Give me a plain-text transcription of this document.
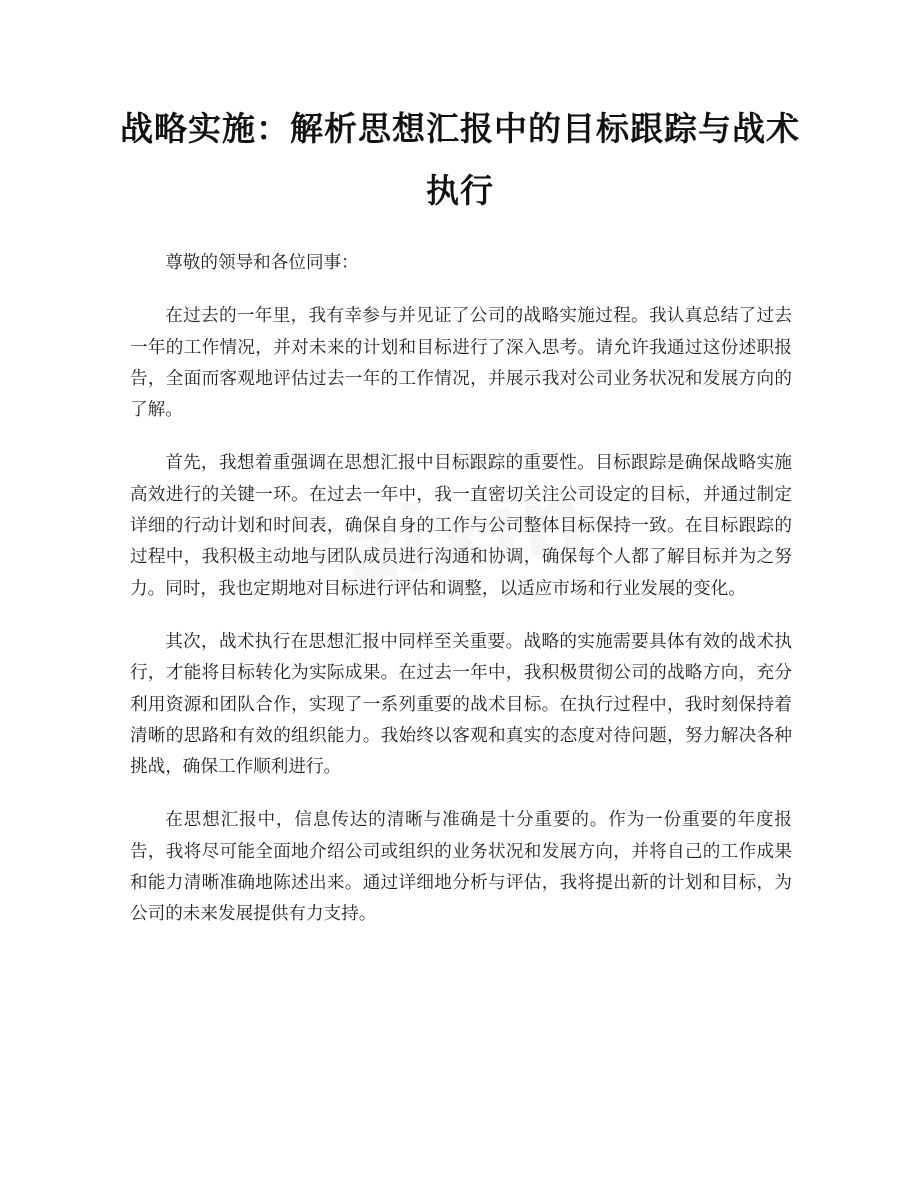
战略实施：解析思想汇报中的目标跟踪与战术执行

尊敬的领导和各位同事：

在过去的一年里，我有幸参与并见证了公司的战略实施过程。我认真总结了过去一年的工作情况，并对未来的计划和目标进行了深入思考。请允许我通过这份述职报告，全面而客观地评估过去一年的工作情况，并展示我对公司业务状况和发展方向的了解。

首先，我想着重强调在思想汇报中目标跟踪的重要性。目标跟踪是确保战略实施高效进行的关键一环。在过去一年中，我一直密切关注公司设定的目标，并通过制定详细的行动计划和时间表，确保自身的工作与公司整体目标保持一致。在目标跟踪的过程中，我积极主动地与团队成员进行沟通和协调，确保每个人都了解目标并为之努力。同时，我也定期地对目标进行评估和调整，以适应市场和行业发展的变化。

其次，战术执行在思想汇报中同样至关重要。战略的实施需要具体有效的战术执行，才能将目标转化为实际成果。在过去一年中，我积极贯彻公司的战略方向，充分利用资源和团队合作，实现了一系列重要的战术目标。在执行过程中，我时刻保持着清晰的思路和有效的组织能力。我始终以客观和真实的态度对待问题，努力解决各种挑战，确保工作顺利进行。

在思想汇报中，信息传达的清晰与准确是十分重要的。作为一份重要的年度报告，我将尽可能全面地介绍公司或组织的业务状况和发展方向，并将自己的工作成果和能力清晰准确地陈述出来。通过详细地分析与评估，我将提出新的计划和目标，为公司的未来发展提供有力支持。
